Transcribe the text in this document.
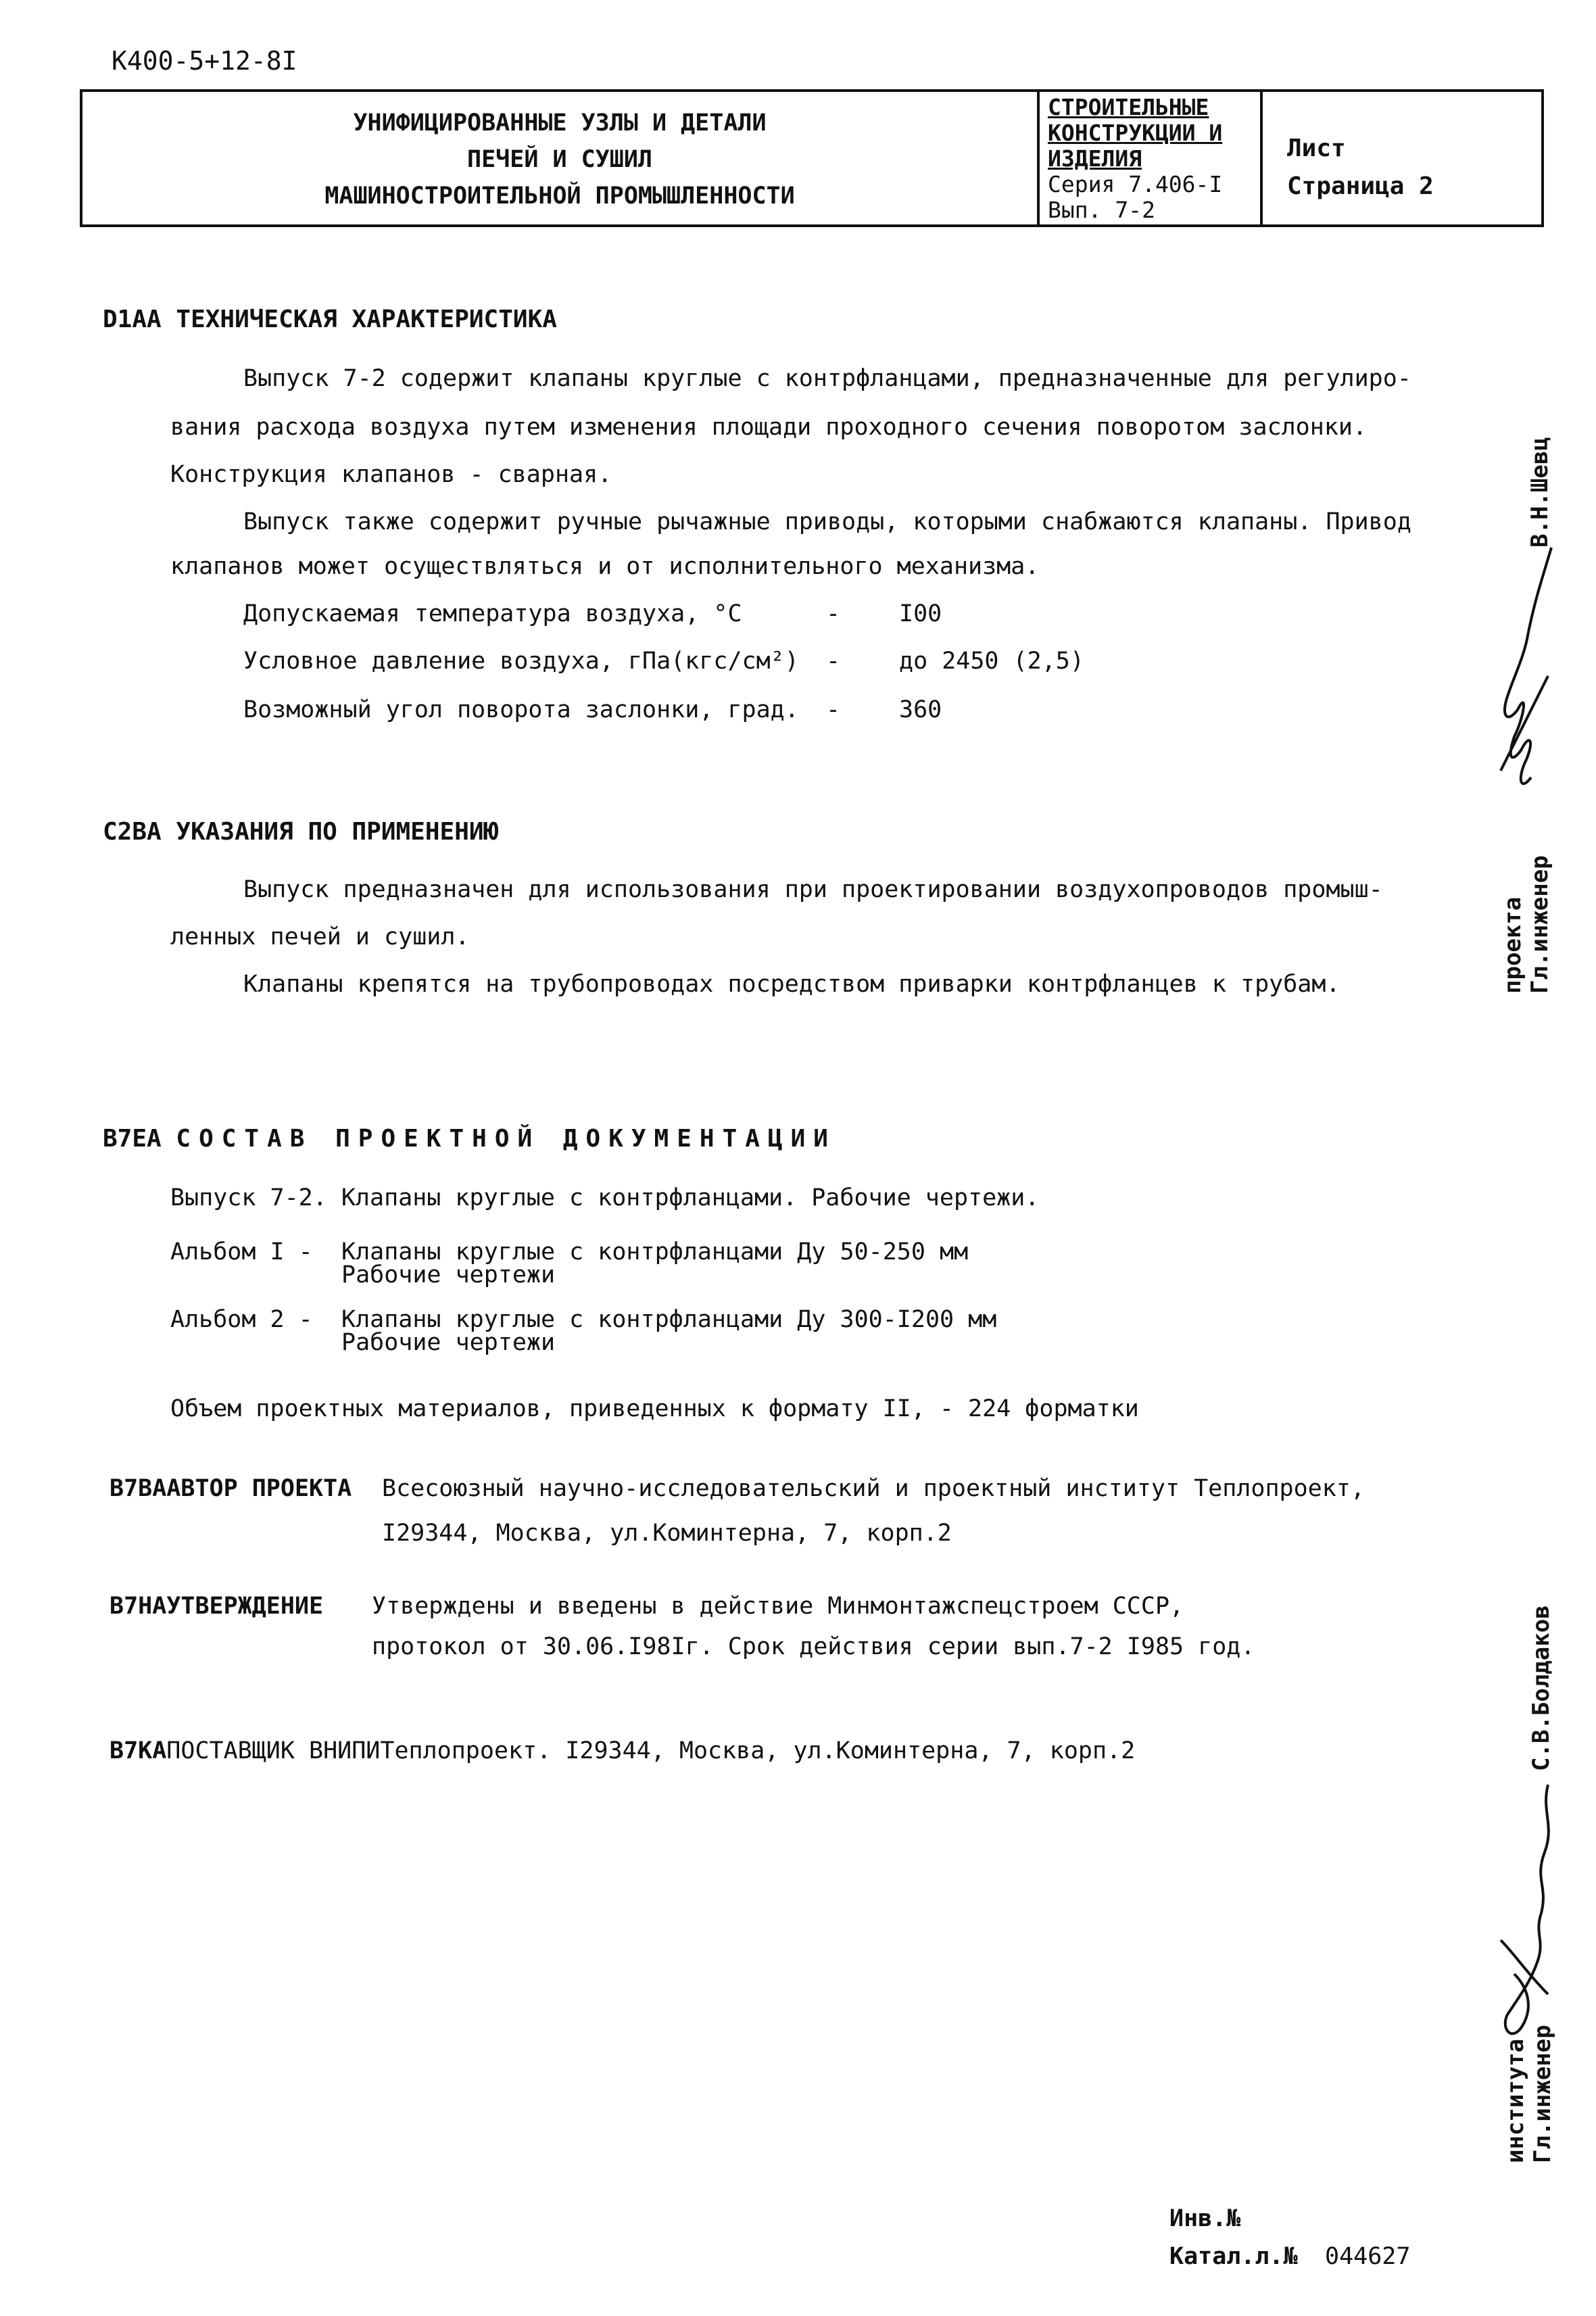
К400-5+12-8I
УНИФИЦИРОВАННЫЕ УЗЛЫ И ДЕТАЛИ
ПЕЧЕЙ И СУШИЛ
МАШИНОСТРОИТЕЛЬНОЙ ПРОМЫШЛЕННОСТИ
СТРОИТЕЛЬНЫЕ
КОНСТРУКЦИИ И
ИЗДЕЛИЯ
Серия 7.406-I
Вып. 7-2
Лист
Страница 2
D1AA ТЕХНИЧЕСКАЯ ХАРАКТЕРИСТИКА
Выпуск 7-2 содержит клапаны круглые с контрфланцами, предназначенные для регулиро-
вания расхода воздуха путем изменения площади проходного сечения поворотом заслонки.
Конструкция клапанов - сварная.
Выпуск также содержит ручные рычажные приводы, которыми снабжаются клапаны. Привод
клапанов может осуществляться и от исполнительного механизма.
Допускаемая температура воздуха, °С	- I00
Условное давление воздуха, гПа(кгс/см²) - до 2450 (2,5)
Возможный угол поворота заслонки, град. - 360
C2BA УКАЗАНИЯ ПО ПРИМЕНЕНИЮ
Выпуск предназначен для использования при проектировании воздухопроводов промыш-
ленных печей и сушил.
Клапаны крепятся на трубопроводах посредством приварки контрфланцев к трубам.
B7EA СОСТАВ ПРОЕКТНОЙ ДОКУМЕНТАЦИИ
Выпуск 7-2. Клапаны круглые с контрфланцами. Рабочие чертежи.
Альбом I - Клапаны круглые с контрфланцами Ду 50-250 мм
Рабочие чертежи
Альбом 2 - Клапаны круглые с контрфланцами Ду 300-I200 мм
Рабочие чертежи
Объем проектных материалов, приведенных к формату II, - 224 форматки
B7BAАВТОР ПРОЕКТА Всесоюзный научно-исследовательский и проектный институт Теплопроект,
I29344, Москва, ул.Коминтерна, 7, корп.2
B7HAУТВЕРЖДЕНИЕ Утверждены и введены в действие Минмонтажспецстроем СССР,
протокол от 30.06.I98Iг. Срок действия серии вып.7-2 I985 год.
B7KAПОСТАВЩИК ВНИПИТеплопроект. I29344, Москва, ул.Коминтерна, 7, корп.2
В.Н.Шевц
Гл.инженер
проекта
С.В.Болдаков
Гл.инженер
института
Инв.№
Катал.л.№ 044627
